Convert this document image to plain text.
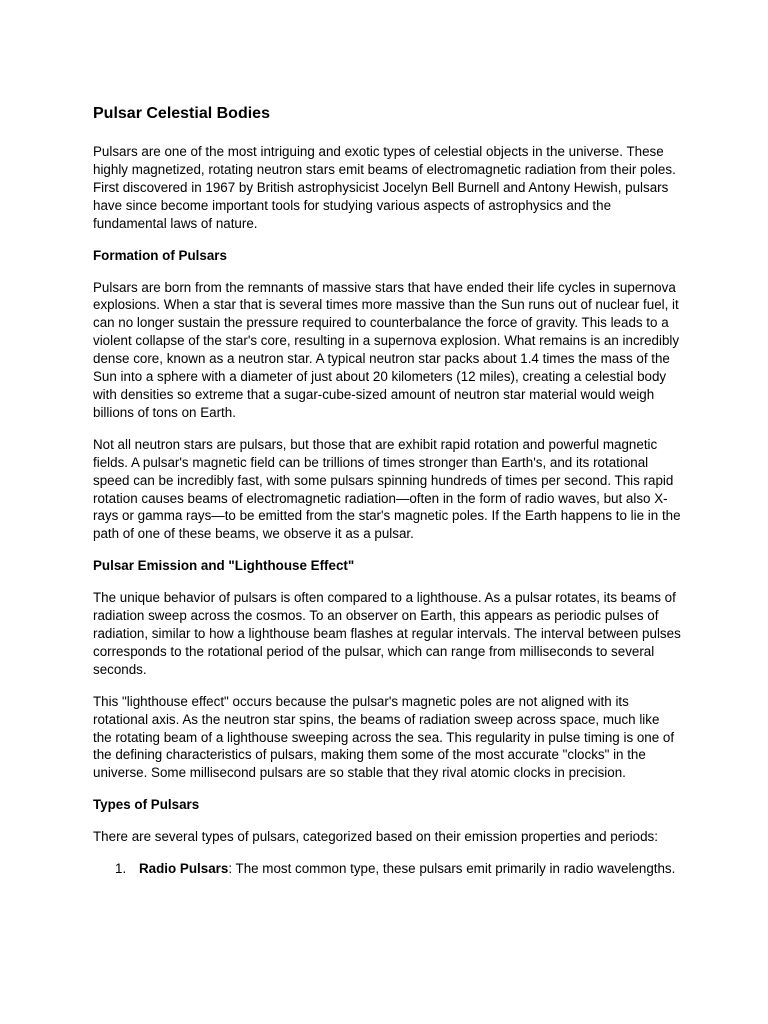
Pulsar Celestial Bodies

Pulsars are one of the most intriguing and exotic types of celestial objects in the universe. These highly magnetized, rotating neutron stars emit beams of electromagnetic radiation from their poles. First discovered in 1967 by British astrophysicist Jocelyn Bell Burnell and Antony Hewish, pulsars have since become important tools for studying various aspects of astrophysics and the fundamental laws of nature.

Formation of Pulsars

Pulsars are born from the remnants of massive stars that have ended their life cycles in supernova explosions. When a star that is several times more massive than the Sun runs out of nuclear fuel, it can no longer sustain the pressure required to counterbalance the force of gravity. This leads to a violent collapse of the star's core, resulting in a supernova explosion. What remains is an incredibly dense core, known as a neutron star. A typical neutron star packs about 1.4 times the mass of the Sun into a sphere with a diameter of just about 20 kilometers (12 miles), creating a celestial body with densities so extreme that a sugar-cube-sized amount of neutron star material would weigh billions of tons on Earth.

Not all neutron stars are pulsars, but those that are exhibit rapid rotation and powerful magnetic fields. A pulsar's magnetic field can be trillions of times stronger than Earth's, and its rotational speed can be incredibly fast, with some pulsars spinning hundreds of times per second. This rapid rotation causes beams of electromagnetic radiation—often in the form of radio waves, but also X-rays or gamma rays—to be emitted from the star's magnetic poles. If the Earth happens to lie in the path of one of these beams, we observe it as a pulsar.

Pulsar Emission and "Lighthouse Effect"

The unique behavior of pulsars is often compared to a lighthouse. As a pulsar rotates, its beams of radiation sweep across the cosmos. To an observer on Earth, this appears as periodic pulses of radiation, similar to how a lighthouse beam flashes at regular intervals. The interval between pulses corresponds to the rotational period of the pulsar, which can range from milliseconds to several seconds.

This "lighthouse effect" occurs because the pulsar's magnetic poles are not aligned with its rotational axis. As the neutron star spins, the beams of radiation sweep across space, much like the rotating beam of a lighthouse sweeping across the sea. This regularity in pulse timing is one of the defining characteristics of pulsars, making them some of the most accurate "clocks" in the universe. Some millisecond pulsars are so stable that they rival atomic clocks in precision.

Types of Pulsars

There are several types of pulsars, categorized based on their emission properties and periods:

1. Radio Pulsars: The most common type, these pulsars emit primarily in radio wavelengths.
